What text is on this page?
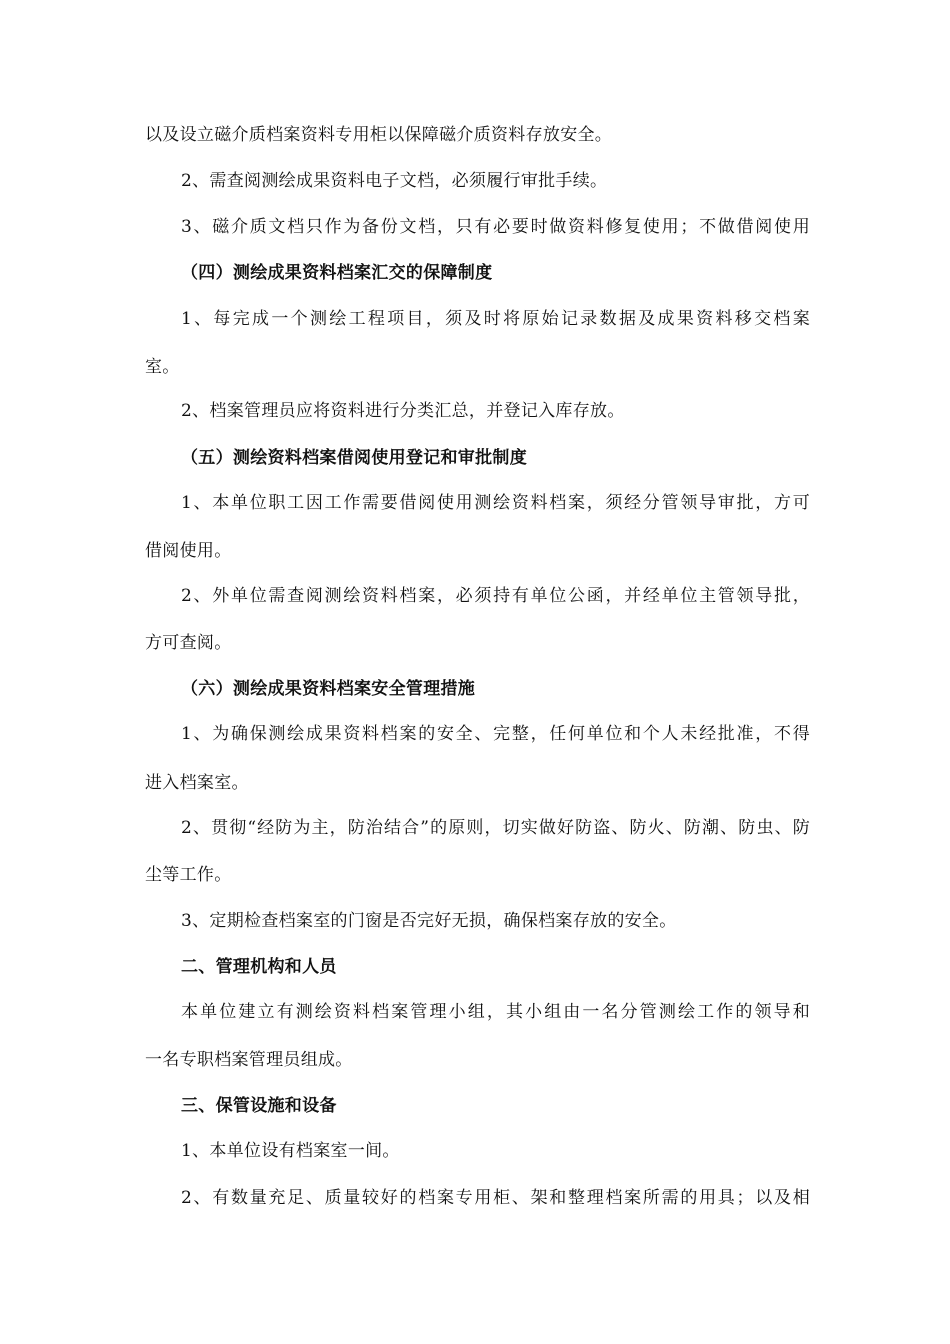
以及设立磁介质档案资料专用柜以保障磁介质资料存放安全。
2、需查阅测绘成果资料电子文档，必须履行审批手续。
3、磁介质文档只作为备份文档，只有必要时做资料修复使用；不做借阅使用
（四）测绘成果资料档案汇交的保障制度
1、每完成一个测绘工程项目，须及时将原始记录数据及成果资料移交档案
室。
2、档案管理员应将资料进行分类汇总，并登记入库存放。
（五）测绘资料档案借阅使用登记和审批制度
1、本单位职工因工作需要借阅使用测绘资料档案，须经分管领导审批，方可
借阅使用。
2、外单位需查阅测绘资料档案，必须持有单位公函，并经单位主管领导批，
方可查阅。
（六）测绘成果资料档案安全管理措施
1、为确保测绘成果资料档案的安全、完整，任何单位和个人未经批准，不得
进入档案室。
2、贯彻“经防为主，防治结合”的原则，切实做好防盗、防火、防潮、防虫、防
尘等工作。
3、定期检查档案室的门窗是否完好无损，确保档案存放的安全。
二、管理机构和人员
本单位建立有测绘资料档案管理小组，其小组由一名分管测绘工作的领导和
一名专职档案管理员组成。
三、保管设施和设备
1、本单位设有档案室一间。
2、有数量充足、质量较好的档案专用柜、架和整理档案所需的用具；以及相
